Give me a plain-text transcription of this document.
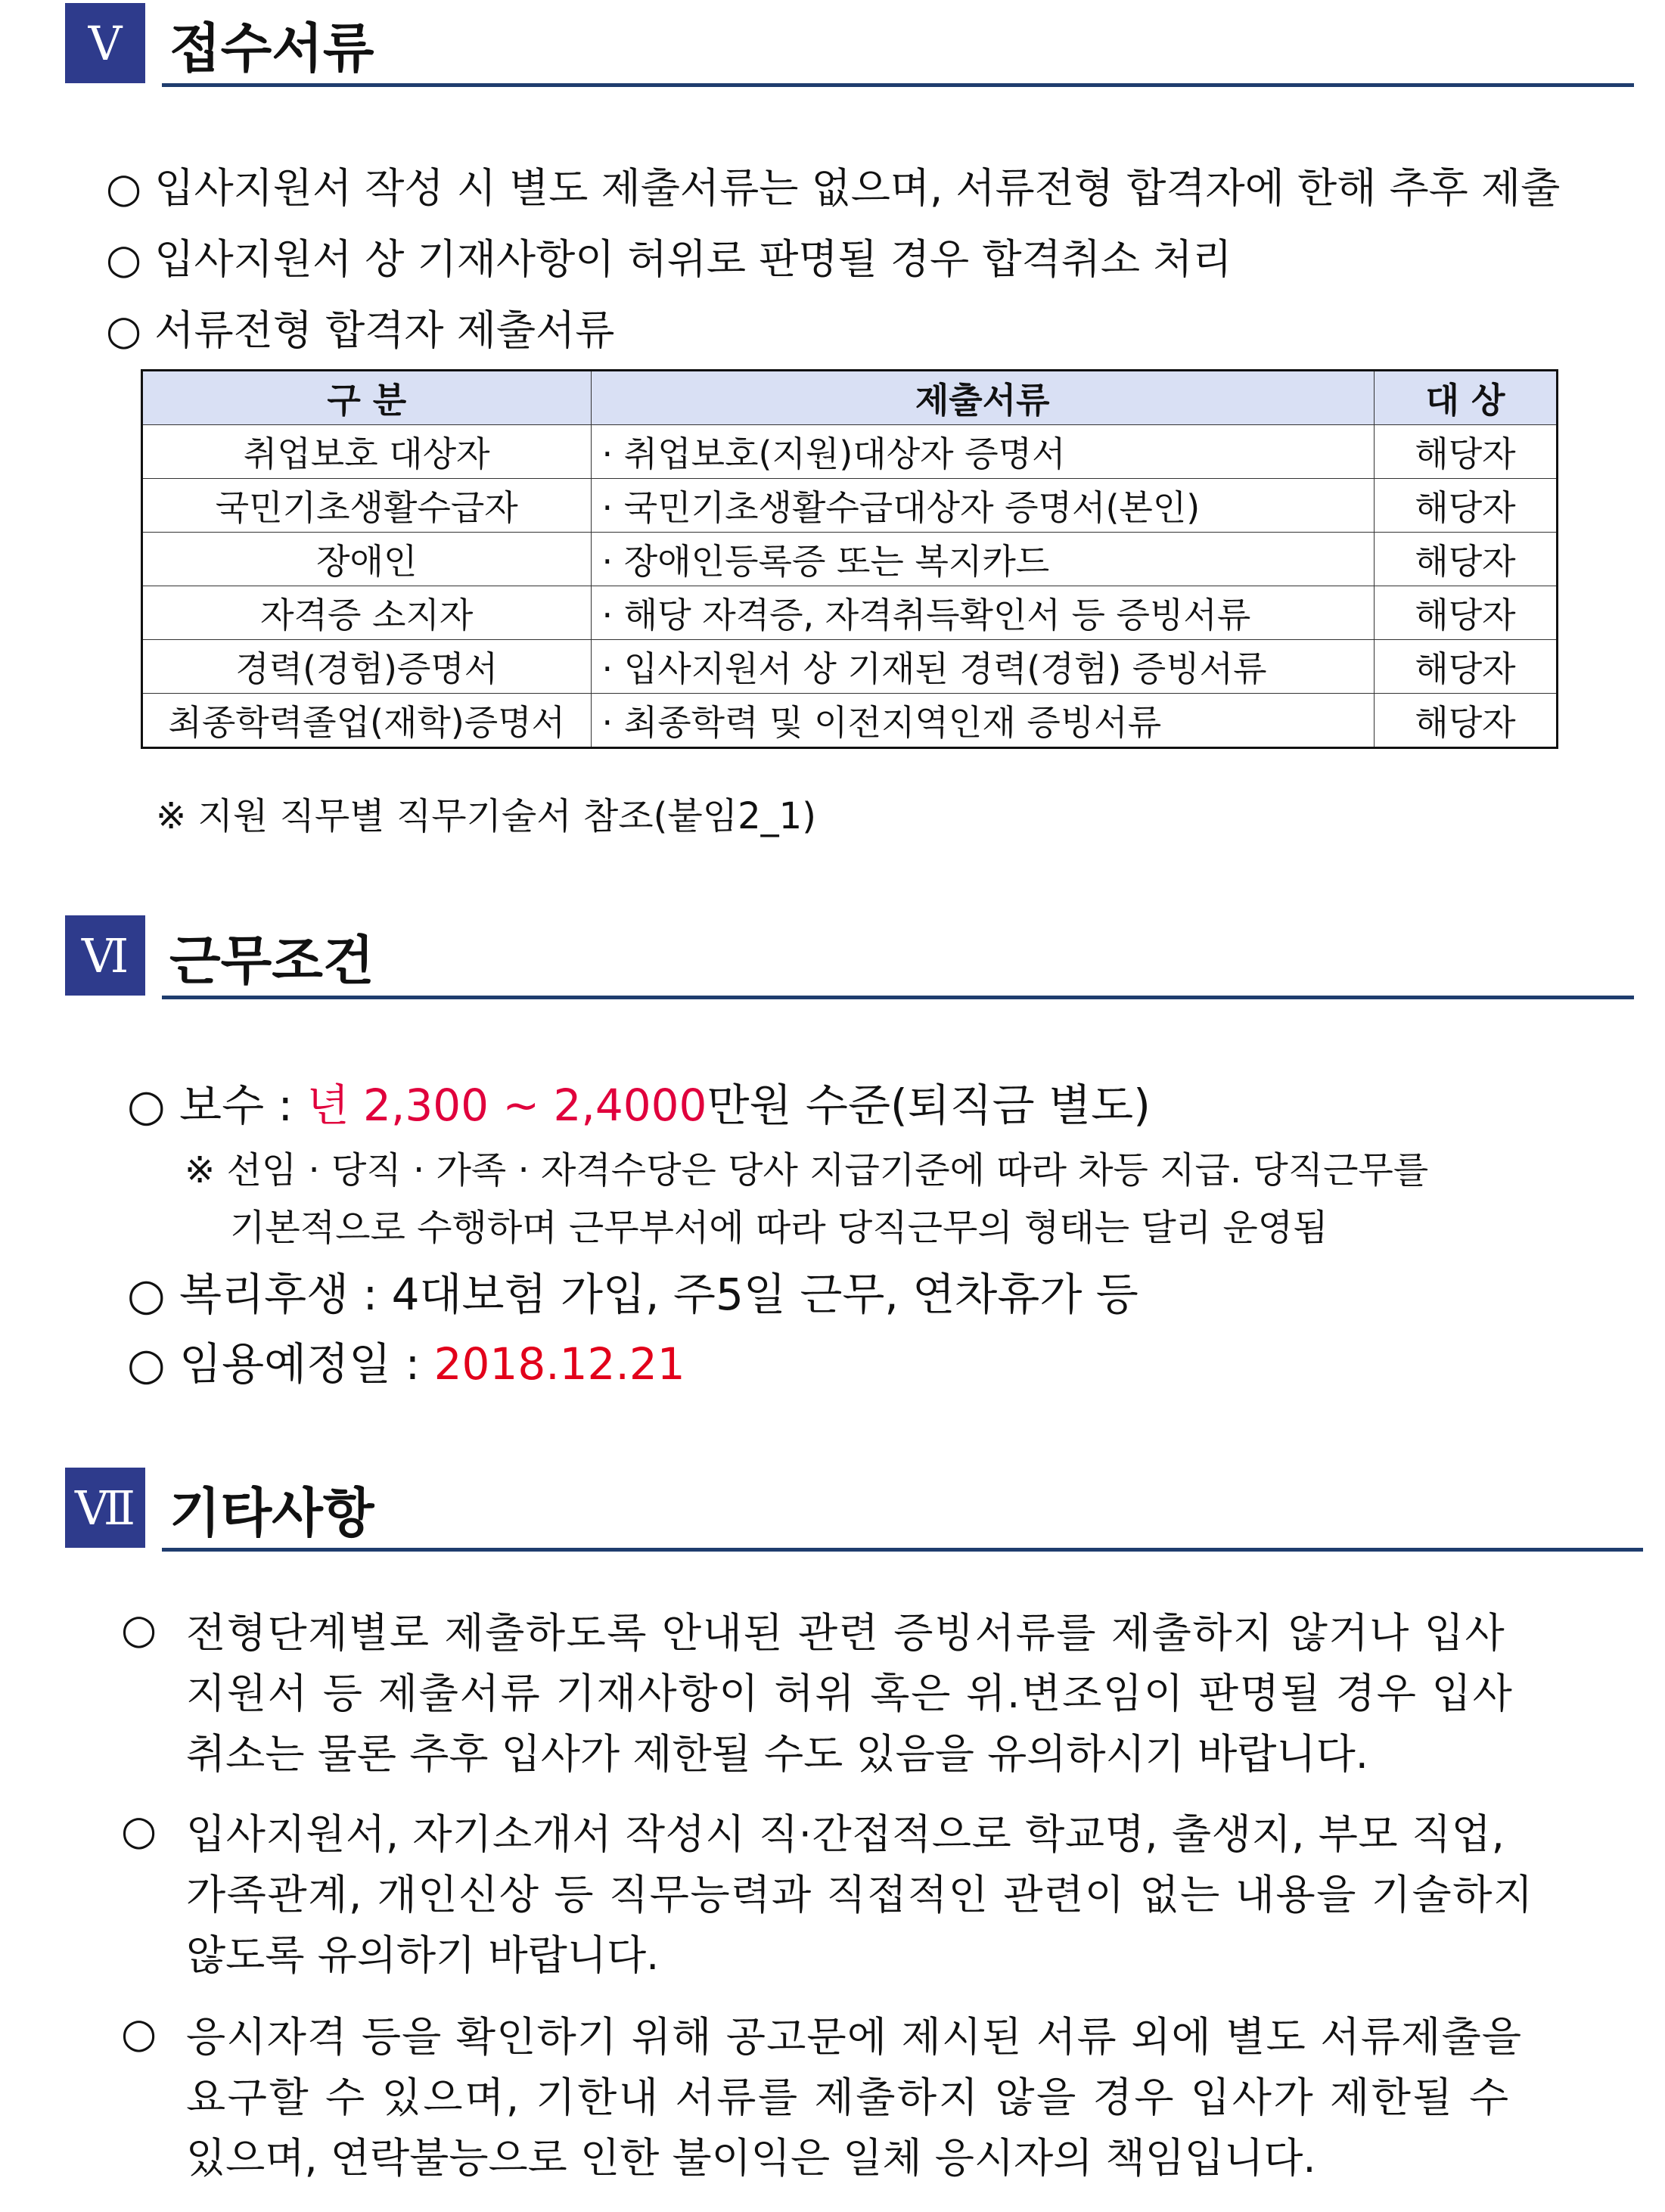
Ⅴ 접수서류
○ 입사지원서 작성 시 별도 제출서류는 없으며, 서류전형 합격자에 한해 추후 제출
○ 입사지원서 상 기재사항이 허위로 판명될 경우 합격취소 처리
○ 서류전형 합격자 제출서류
구 분	제출서류	대 상
취업보호 대상자	· 취업보호(지원)대상자 증명서	해당자
국민기초생활수급자	· 국민기초생활수급대상자 증명서(본인)	해당자
장애인	· 장애인등록증 또는 복지카드	해당자
자격증 소지자	· 해당 자격증, 자격취득확인서 등 증빙서류	해당자
경력(경험)증명서	· 입사지원서 상 기재된 경력(경험) 증빙서류	해당자
최종학력졸업(재학)증명서	· 최종학력 및 이전지역인재 증빙서류	해당자
※ 지원 직무별 직무기술서 참조(붙임2_1)
Ⅵ 근무조건
○ 보수 : 년 2,300 ~ 2,4000만원 수준(퇴직금 별도)
※ 선임 · 당직 · 가족 · 자격수당은 당사 지급기준에 따라 차등 지급. 당직근무를
기본적으로 수행하며 근무부서에 따라 당직근무의 형태는 달리 운영됨
○ 복리후생 : 4대보험 가입, 주5일 근무, 연차휴가 등
○ 임용예정일 : 2018.12.21
Ⅶ 기타사항
○ 전형단계별로 제출하도록 안내된 관련 증빙서류를 제출하지 않거나 입사
지원서 등 제출서류 기재사항이 허위 혹은 위.변조임이 판명될 경우 입사
취소는 물론 추후 입사가 제한될 수도 있음을 유의하시기 바랍니다.
○ 입사지원서, 자기소개서 작성시 직·간접적으로 학교명, 출생지, 부모 직업,
가족관계, 개인신상 등 직무능력과 직접적인 관련이 없는 내용을 기술하지
않도록 유의하기 바랍니다.
○ 응시자격 등을 확인하기 위해 공고문에 제시된 서류 외에 별도 서류제출을
요구할 수 있으며, 기한내 서류를 제출하지 않을 경우 입사가 제한될 수
있으며, 연락불능으로 인한 불이익은 일체 응시자의 책임입니다.
